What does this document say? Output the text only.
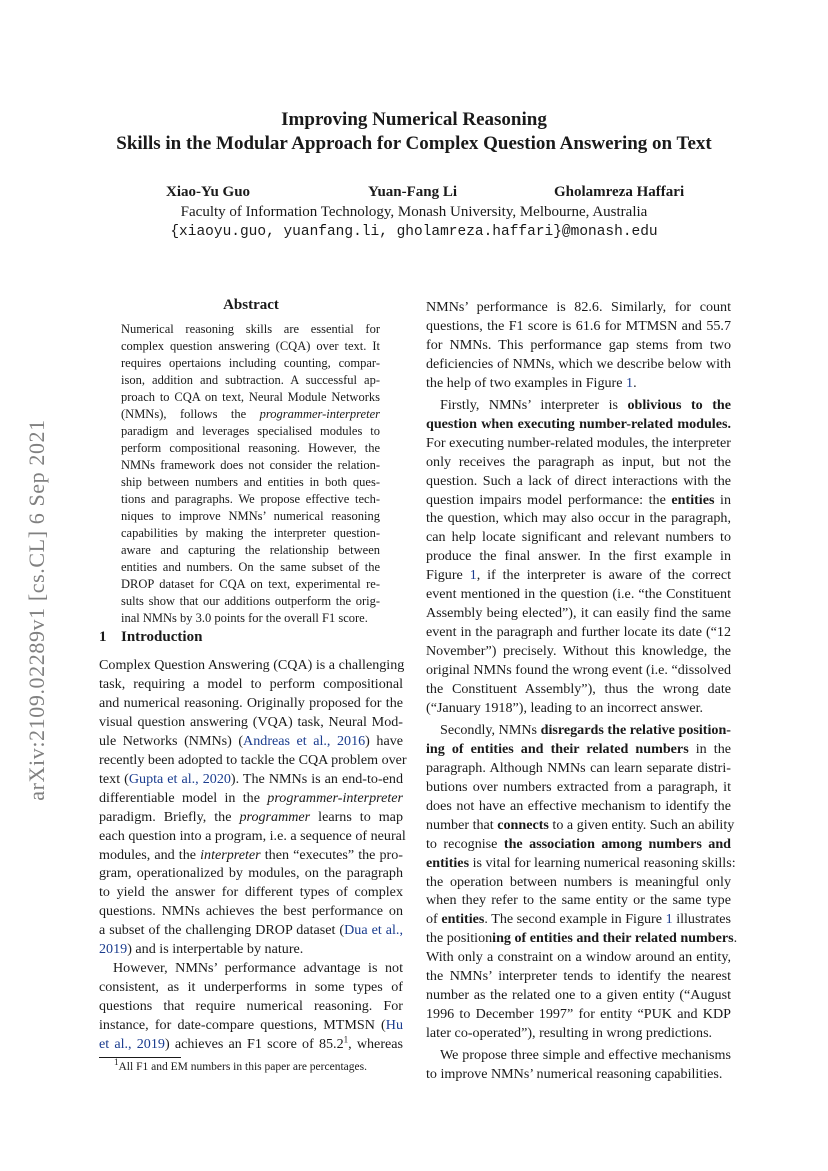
Improving Numerical Reasoning
Skills in the Modular Approach for Complex Question Answering on Text
Xiao-Yu Guo	Yuan-Fang Li	Gholamreza Haffari
Faculty of Information Technology, Monash University, Melbourne, Australia
{xiaoyu.guo, yuanfang.li, gholamreza.haffari}@monash.edu
arXiv:2109.02289v1 [cs.CL] 6 Sep 2021
Abstract
Numerical reasoning skills are essential for
complex question answering (CQA) over text. It
requires opertaions including counting, compar-
ison, addition and subtraction. A successful ap-
proach to CQA on text, Neural Module Networks
(NMNs), follows the programmer-interpreter
paradigm and leverages specialised modules to
perform compositional reasoning. However, the
NMNs framework does not consider the relation-
ship between numbers and entities in both ques-
tions and paragraphs. We propose effective tech-
niques to improve NMNs’ numerical reasoning
capabilities by making the interpreter question-
aware and capturing the relationship between
entities and numbers. On the same subset of the
DROP dataset for CQA on text, experimental re-
sults show that our additions outperform the orig-
inal NMNs by 3.0 points for the overall F1 score.
1 Introduction
Complex Question Answering (CQA) is a challenging
task, requiring a model to perform compositional
and numerical reasoning. Originally proposed for the
visual question answering (VQA) task, Neural Mod-
ule Networks (NMNs) (Andreas et al., 2016) have
recently been adopted to tackle the CQA problem over
text (Gupta et al., 2020). The NMNs is an end-to-end
differentiable model in the programmer-interpreter
paradigm. Briefly, the programmer learns to map
each question into a program, i.e. a sequence of neural
modules, and the interpreter then “executes” the pro-
gram, operationalized by modules, on the paragraph
to yield the answer for different types of complex
questions. NMNs achieves the best performance on
a subset of the challenging DROP dataset (Dua et al.,
2019) and is interpertable by nature.
However, NMNs’ performance advantage is not
consistent, as it underperforms in some types of
questions that require numerical reasoning. For
instance, for date-compare questions, MTMSN (Hu
et al., 2019) achieves an F1 score of 85.2$^1$, whereas
NMNs’ performance is 82.6. Similarly, for count
questions, the F1 score is 61.6 for MTMSN and 55.7
for NMNs. This performance gap stems from two
deficiencies of NMNs, which we describe below with
the help of two examples in Figure 1.
Firstly, NMNs’ interpreter is oblivious to the
question when executing number-related modules.
For executing number-related modules, the interpreter
only receives the paragraph as input, but not the
question. Such a lack of direct interactions with the
question impairs model performance: the entities in
the question, which may also occur in the paragraph,
can help locate significant and relevant numbers to
produce the final answer. In the first example in
Figure 1, if the interpreter is aware of the correct
event mentioned in the question (i.e. “the Constituent
Assembly being elected”), it can easily find the same
event in the paragraph and further locate its date (“12
November”) precisely. Without this knowledge, the
original NMNs found the wrong event (i.e. “dissolved
the Constituent Assembly”), thus the wrong date
(“January 1918”), leading to an incorrect answer.
Secondly, NMNs disregards the relative position-
ing of entities and their related numbers in the
paragraph. Although NMNs can learn separate distri-
butions over numbers extracted from a paragraph, it
does not have an effective mechanism to identify the
number that connects to a given entity. Such an ability
to recognise the association among numbers and
entities is vital for learning numerical reasoning skills:
the operation between numbers is meaningful only
when they refer to the same entity or the same type
of entities. The second example in Figure 1 illustrates
the positioning of entities and their related numbers.
With only a constraint on a window around an entity,
the NMNs’ interpreter tends to identify the nearest
number as the related one to a given entity (“August
1996 to December 1997” for entity “PUK and KDP
later co-operated”), resulting in wrong predictions.
We propose three simple and effective mechanisms
to improve NMNs’ numerical reasoning capabilities.
$^1$All F1 and EM numbers in this paper are percentages.
